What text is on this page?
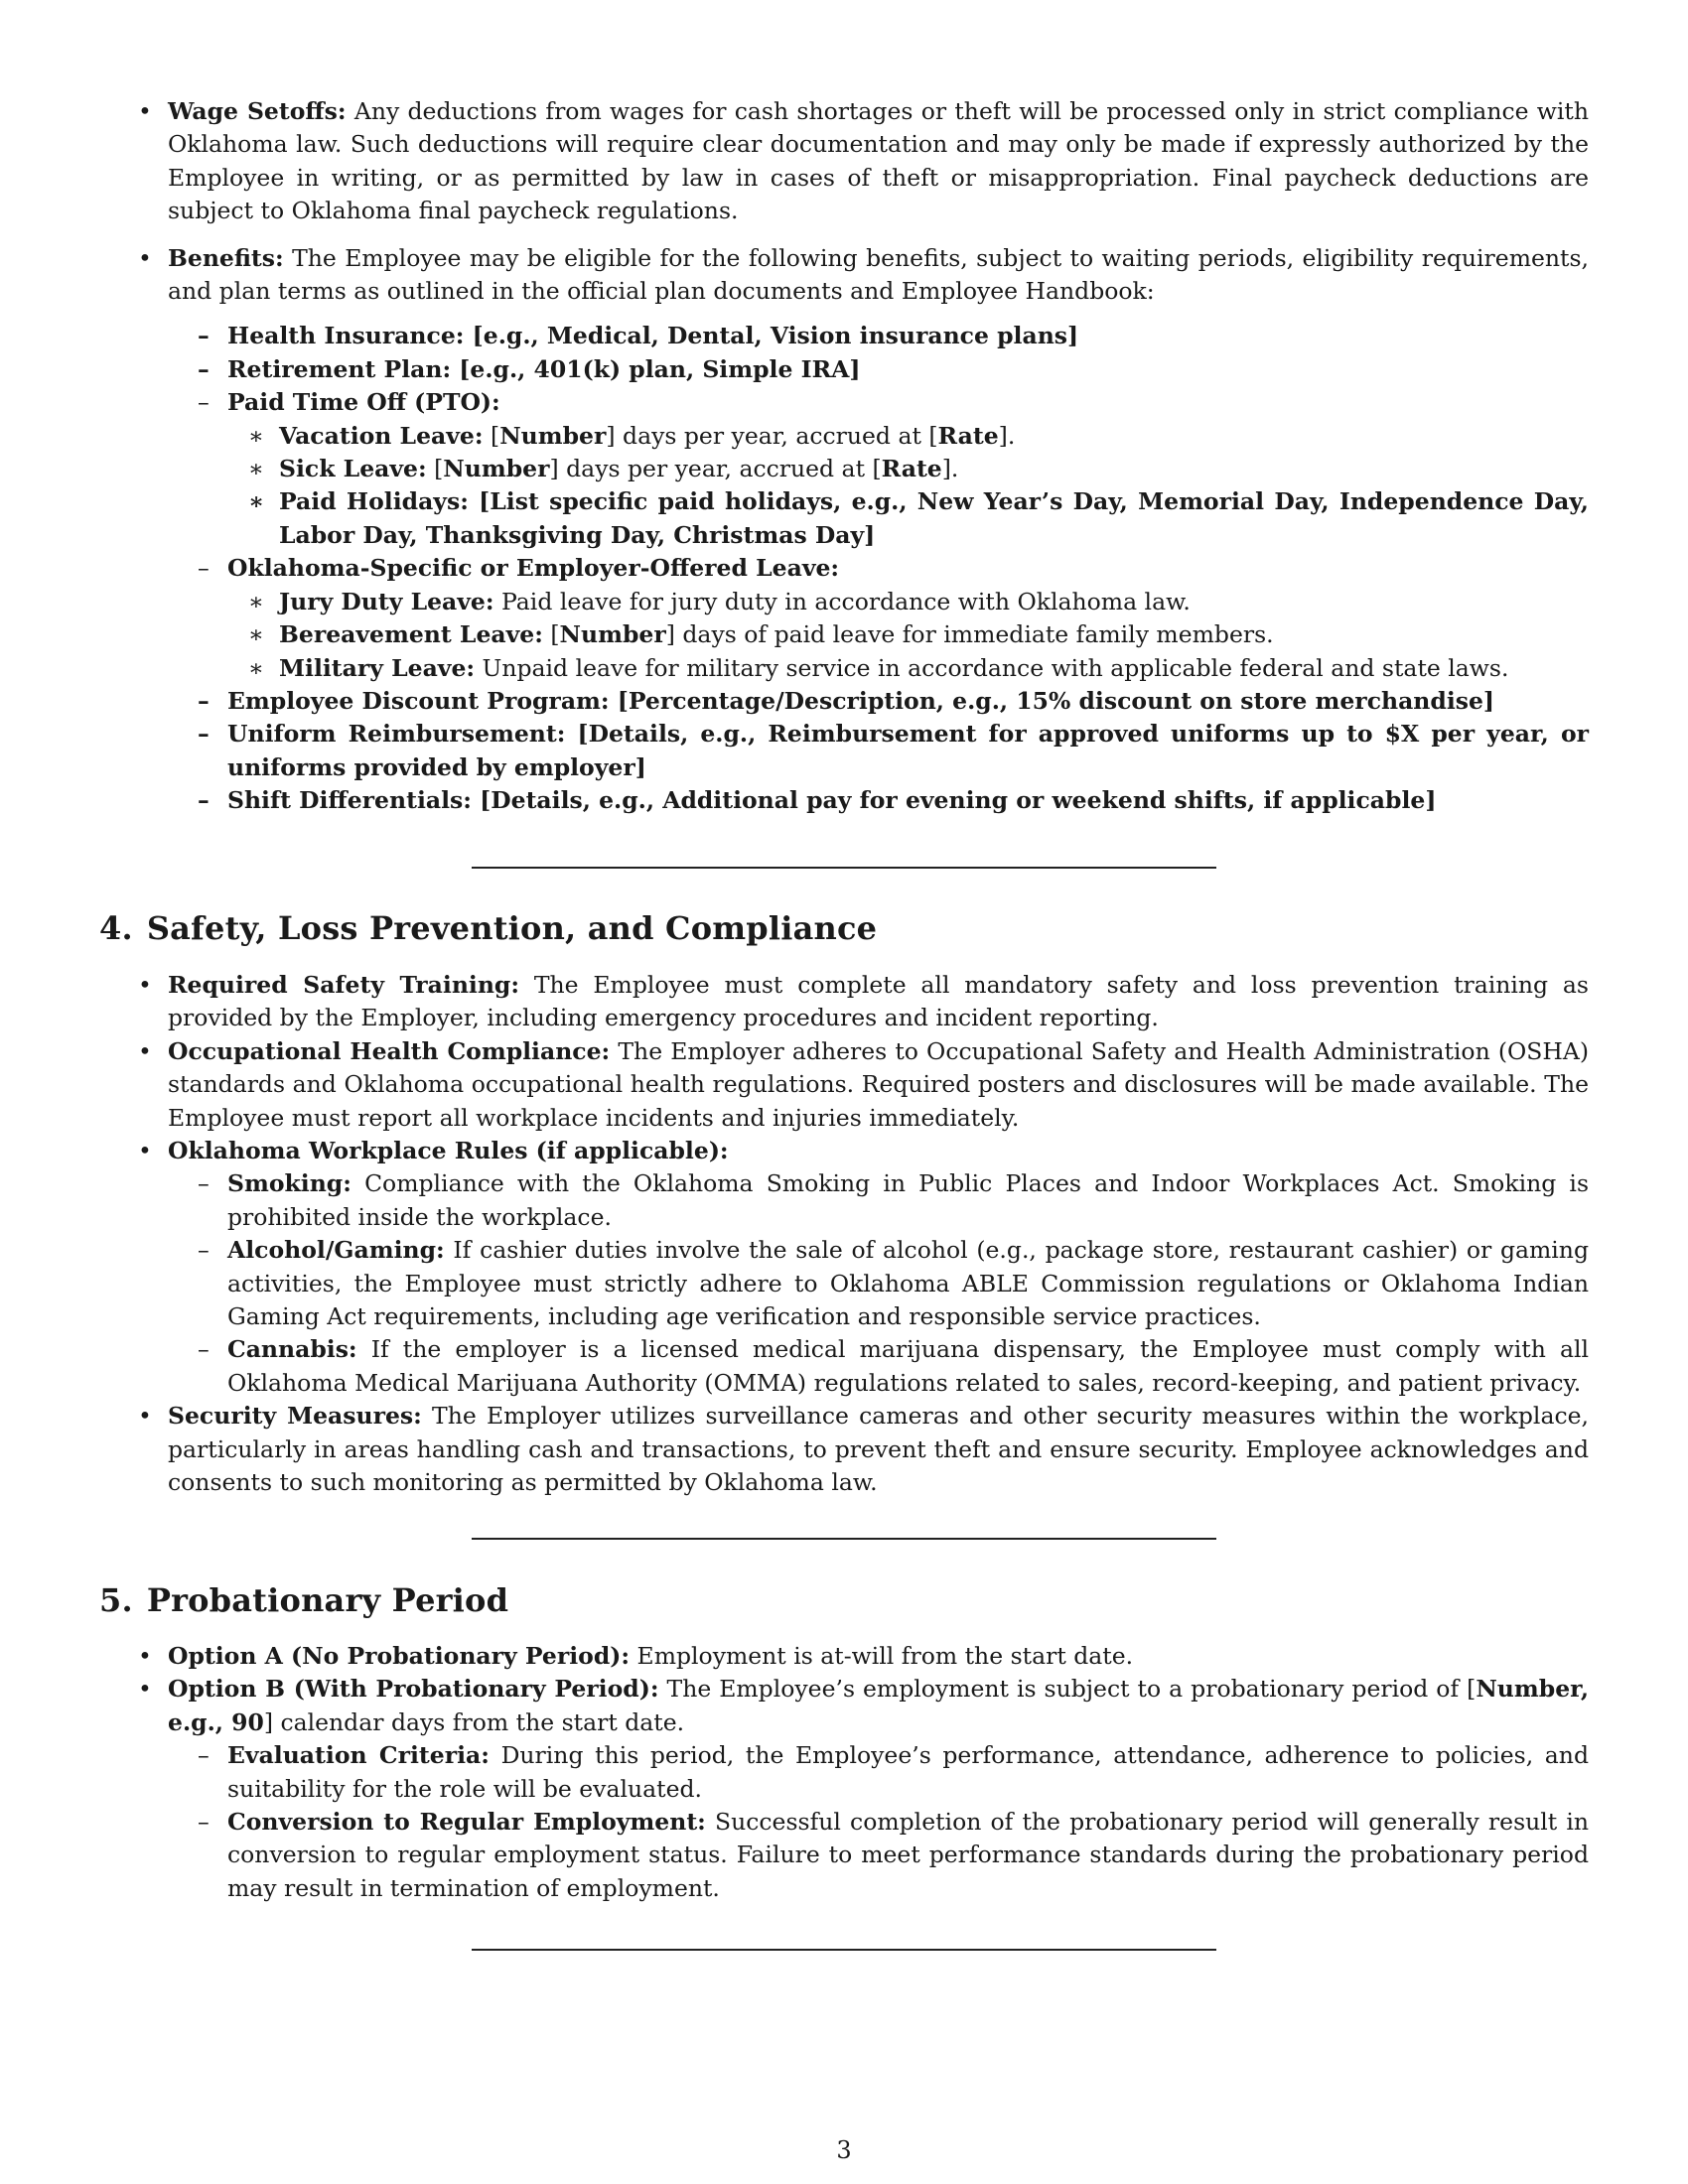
• Wage Setoffs: Any deductions from wages for cash shortages or theft will be processed only in strict compliance with Oklahoma law. Such deductions will require clear documentation and may only be made if expressly authorized by the Employee in writing, or as permitted by law in cases of theft or misappropriation. Final paycheck deductions are subject to Oklahoma final paycheck regulations.
• Benefits: The Employee may be eligible for the following benefits, subject to waiting periods, eligibility requirements, and plan terms as outlined in the official plan documents and Employee Handbook:
– Health Insurance: [e.g., Medical, Dental, Vision insurance plans]
– Retirement Plan: [e.g., 401(k) plan, Simple IRA]
– Paid Time Off (PTO):
∗ Vacation Leave: [Number] days per year, accrued at [Rate].
∗ Sick Leave: [Number] days per year, accrued at [Rate].
∗ Paid Holidays: [List specific paid holidays, e.g., New Year’s Day, Memorial Day, Independence Day, Labor Day, Thanksgiving Day, Christmas Day]
– Oklahoma-Specific or Employer-Offered Leave:
∗ Jury Duty Leave: Paid leave for jury duty in accordance with Oklahoma law.
∗ Bereavement Leave: [Number] days of paid leave for immediate family members.
∗ Military Leave: Unpaid leave for military service in accordance with applicable federal and state laws.
– Employee Discount Program: [Percentage/Description, e.g., 15% discount on store merchandise]
– Uniform Reimbursement: [Details, e.g., Reimbursement for approved uniforms up to $X per year, or uniforms provided by employer]
– Shift Differentials: [Details, e.g., Additional pay for evening or weekend shifts, if applicable]
4. Safety, Loss Prevention, and Compliance
• Required Safety Training: The Employee must complete all mandatory safety and loss prevention training as provided by the Employer, including emergency procedures and incident reporting.
• Occupational Health Compliance: The Employer adheres to Occupational Safety and Health Administration (OSHA) standards and Oklahoma occupational health regulations. Required posters and disclosures will be made available. The Employee must report all workplace incidents and injuries immediately.
• Oklahoma Workplace Rules (if applicable):
– Smoking: Compliance with the Oklahoma Smoking in Public Places and Indoor Workplaces Act. Smoking is prohibited inside the workplace.
– Alcohol/Gaming: If cashier duties involve the sale of alcohol (e.g., package store, restaurant cashier) or gaming activities, the Employee must strictly adhere to Oklahoma ABLE Commission regulations or Oklahoma Indian Gaming Act requirements, including age verification and responsible service practices.
– Cannabis: If the employer is a licensed medical marijuana dispensary, the Employee must comply with all Oklahoma Medical Marijuana Authority (OMMA) regulations related to sales, record-keeping, and patient privacy.
• Security Measures: The Employer utilizes surveillance cameras and other security measures within the workplace, particularly in areas handling cash and transactions, to prevent theft and ensure security. Employee acknowledges and consents to such monitoring as permitted by Oklahoma law.
5. Probationary Period
• Option A (No Probationary Period): Employment is at-will from the start date.
• Option B (With Probationary Period): The Employee’s employment is subject to a probationary period of [Number, e.g., 90] calendar days from the start date.
– Evaluation Criteria: During this period, the Employee’s performance, attendance, adherence to policies, and suitability for the role will be evaluated.
– Conversion to Regular Employment: Successful completion of the probationary period will generally result in conversion to regular employment status. Failure to meet performance standards during the probationary period may result in termination of employment.
3
